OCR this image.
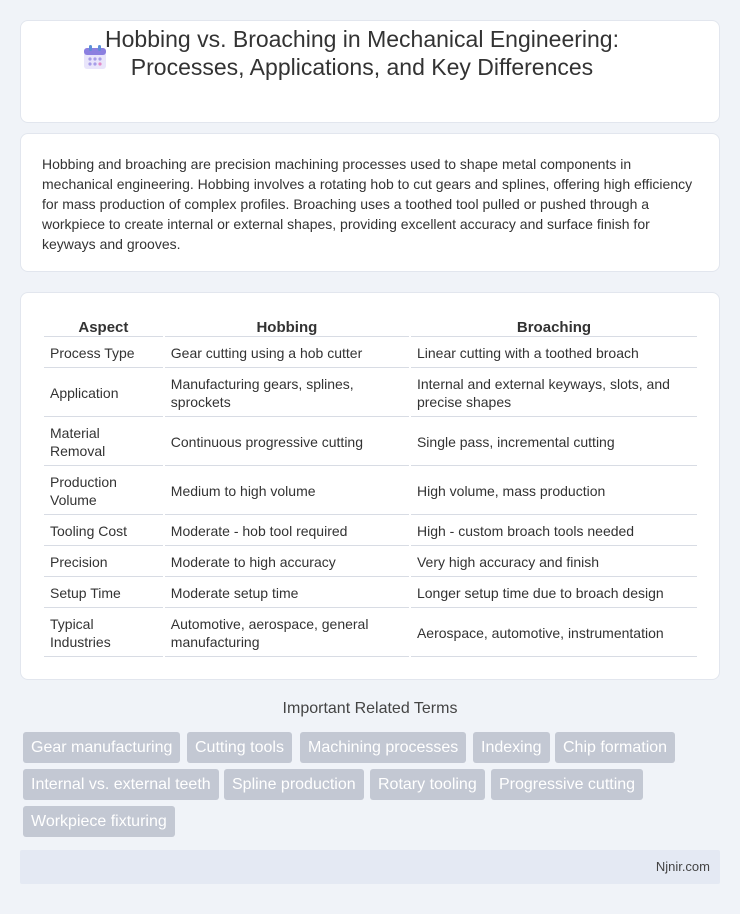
Hobbing vs. Broaching in Mechanical Engineering: Processes, Applications, and Key Differences

Hobbing and broaching are precision machining processes used to shape metal components in mechanical engineering. Hobbing involves a rotating hob to cut gears and splines, offering high efficiency for mass production of complex profiles. Broaching uses a toothed tool pulled or pushed through a workpiece to create internal or external shapes, providing excellent accuracy and surface finish for keyways and grooves.

Aspect	Hobbing	Broaching
Process Type	Gear cutting using a hob cutter	Linear cutting with a toothed broach
Application	Manufacturing gears, splines, sprockets	Internal and external keyways, slots, and precise shapes
Material Removal	Continuous progressive cutting	Single pass, incremental cutting
Production Volume	Medium to high volume	High volume, mass production
Tooling Cost	Moderate - hob tool required	High - custom broach tools needed
Precision	Moderate to high accuracy	Very high accuracy and finish
Setup Time	Moderate setup time	Longer setup time due to broach design
Typical Industries	Automotive, aerospace, general manufacturing	Aerospace, automotive, instrumentation
Important Related Terms
Gear manufacturing	Cutting tools	Machining processes	Indexing	Chip formation
Internal vs. external teeth	Spline production	Rotary tooling	Progressive cutting
Workpiece fixturing
Njnir.com
